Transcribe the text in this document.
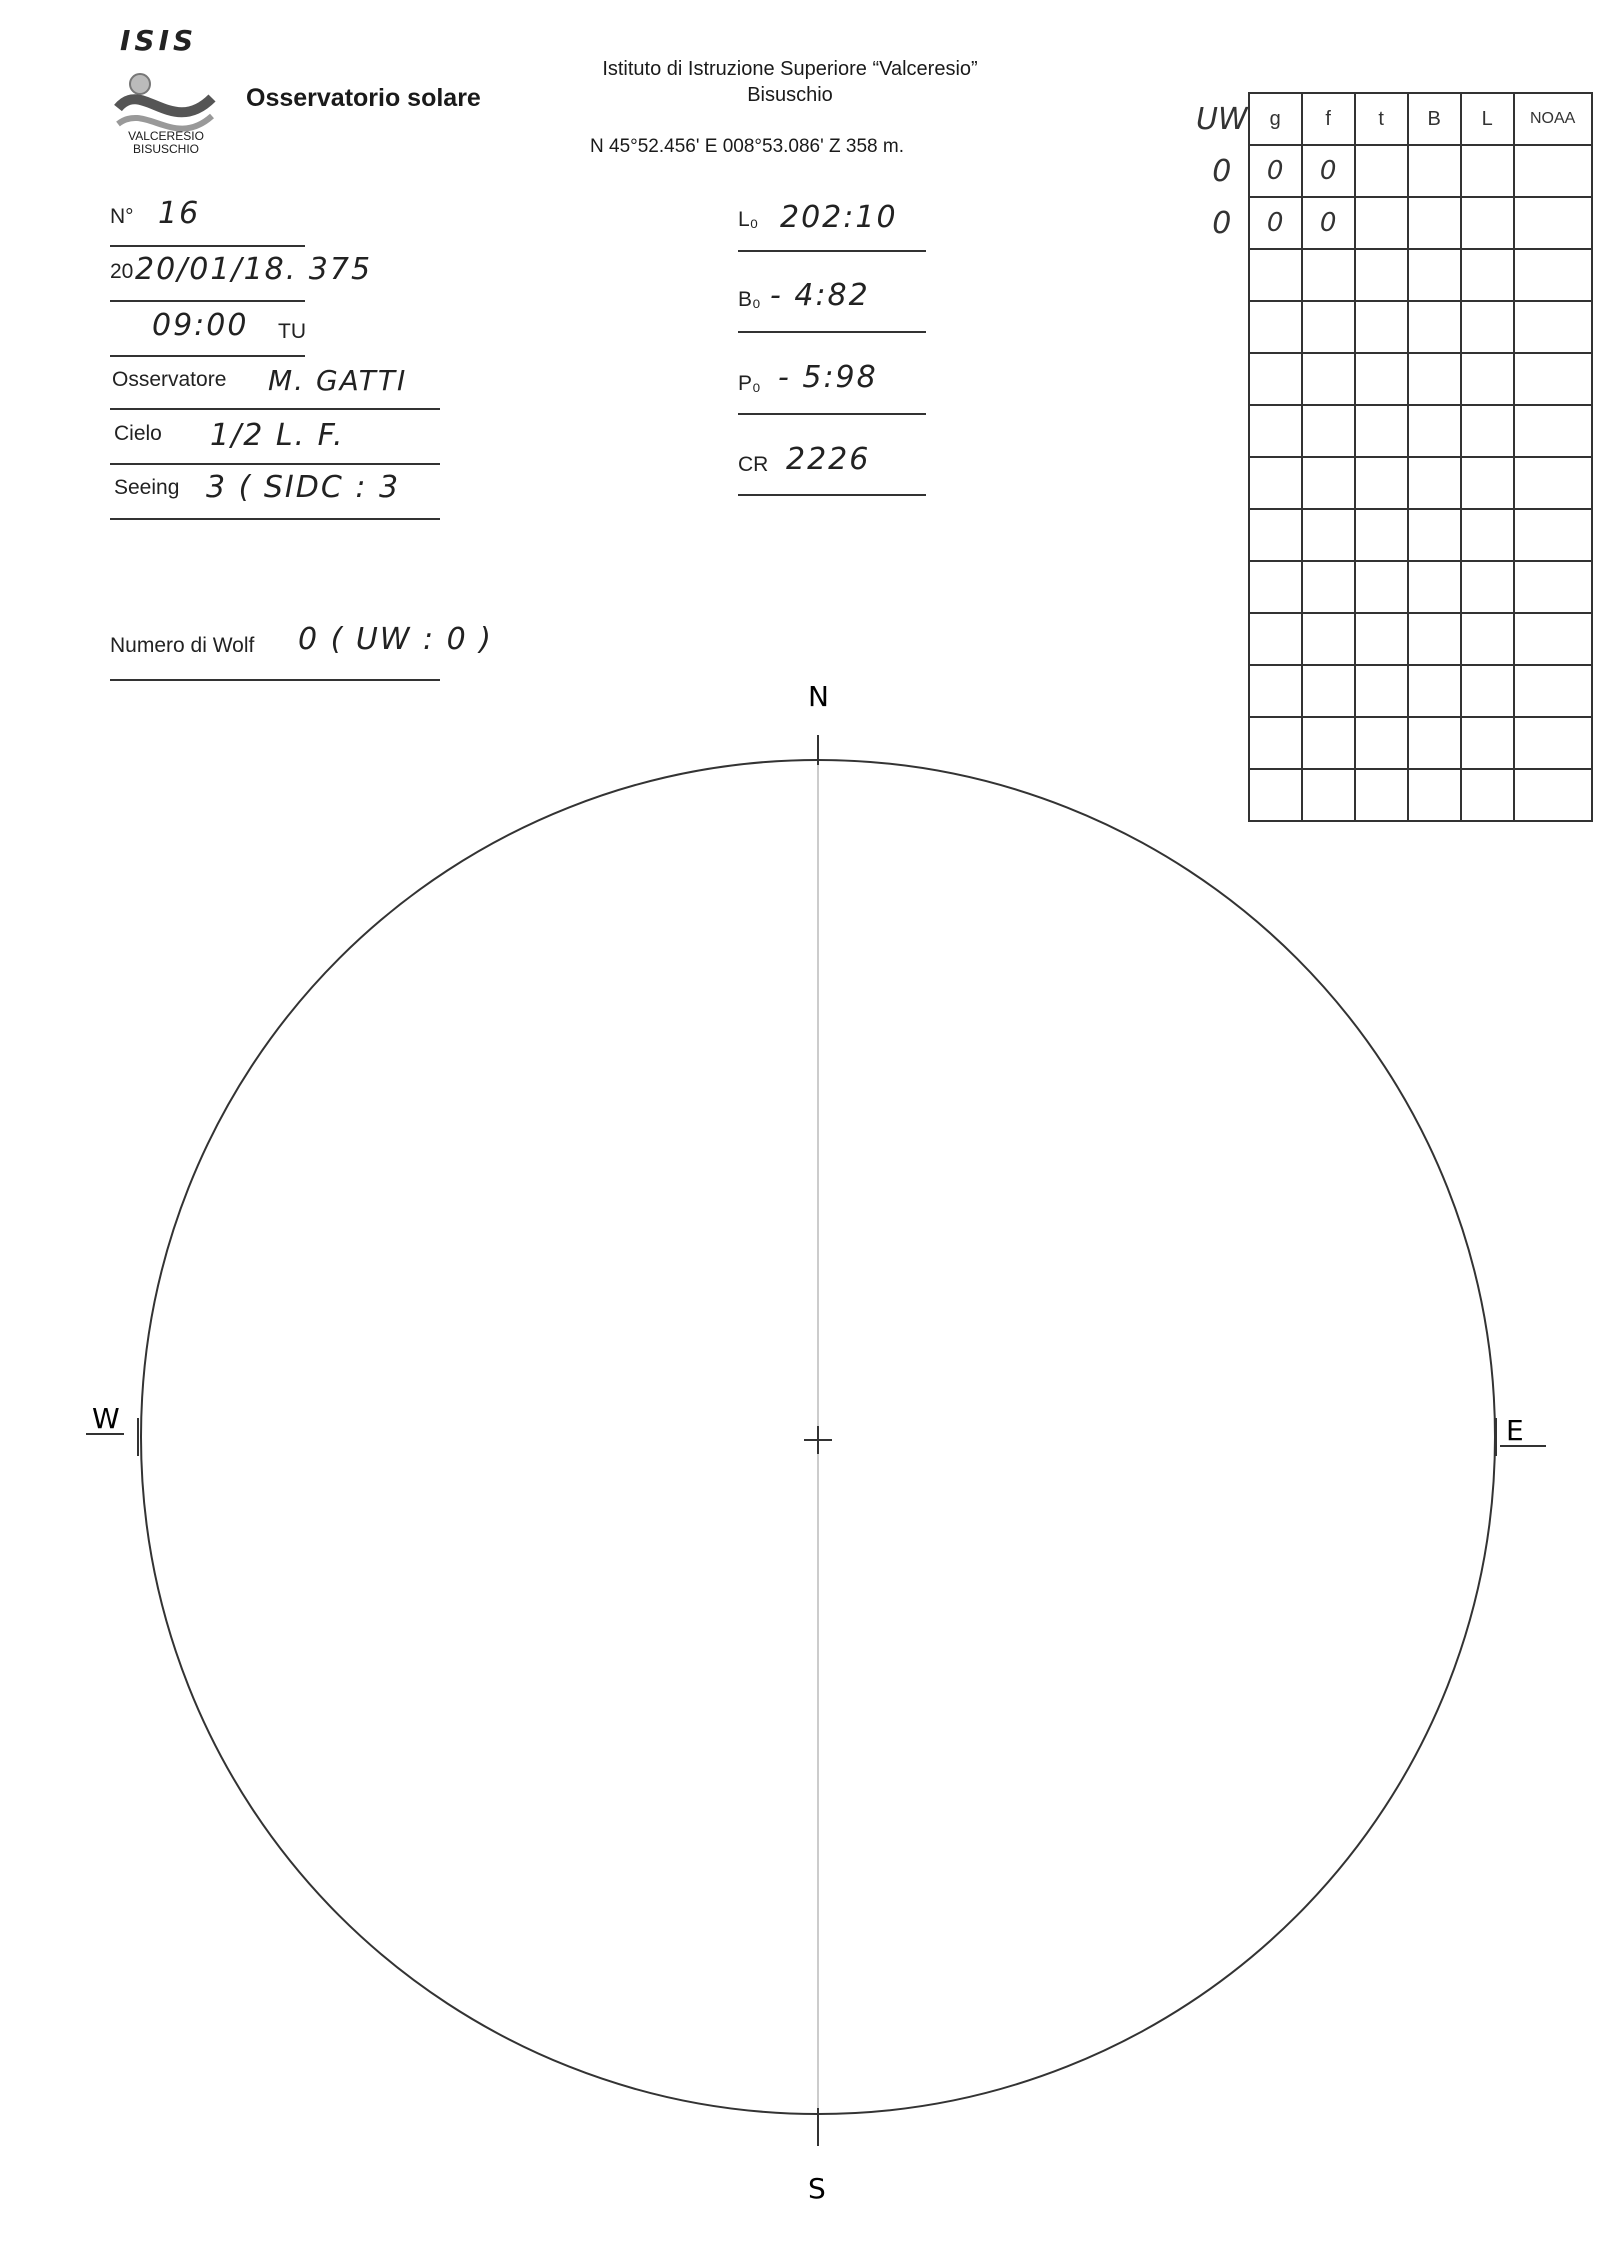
ISIS
VALCERESIO
BISUSCHIO
Osservatorio solare
Istituto di Istruzione Superiore “Valceresio”
Bisuschio
N 45°52.456' E 008°53.086' Z 358 m.
N° 16
20 20/01/18. 375
09:00 TU
Osservatore M. GATTI
Cielo 1/2 L. F.
Seeing 3 ( SIDC : 3
Numero di Wolf 0 ( UW : 0 )
L₀ 202:10
B₀ - 4:82
P₀ - 5:98
CR 2226
UW	g	f	t	B	L	NOAA
0	0	0				
0	0	0				

N
S
W	E
